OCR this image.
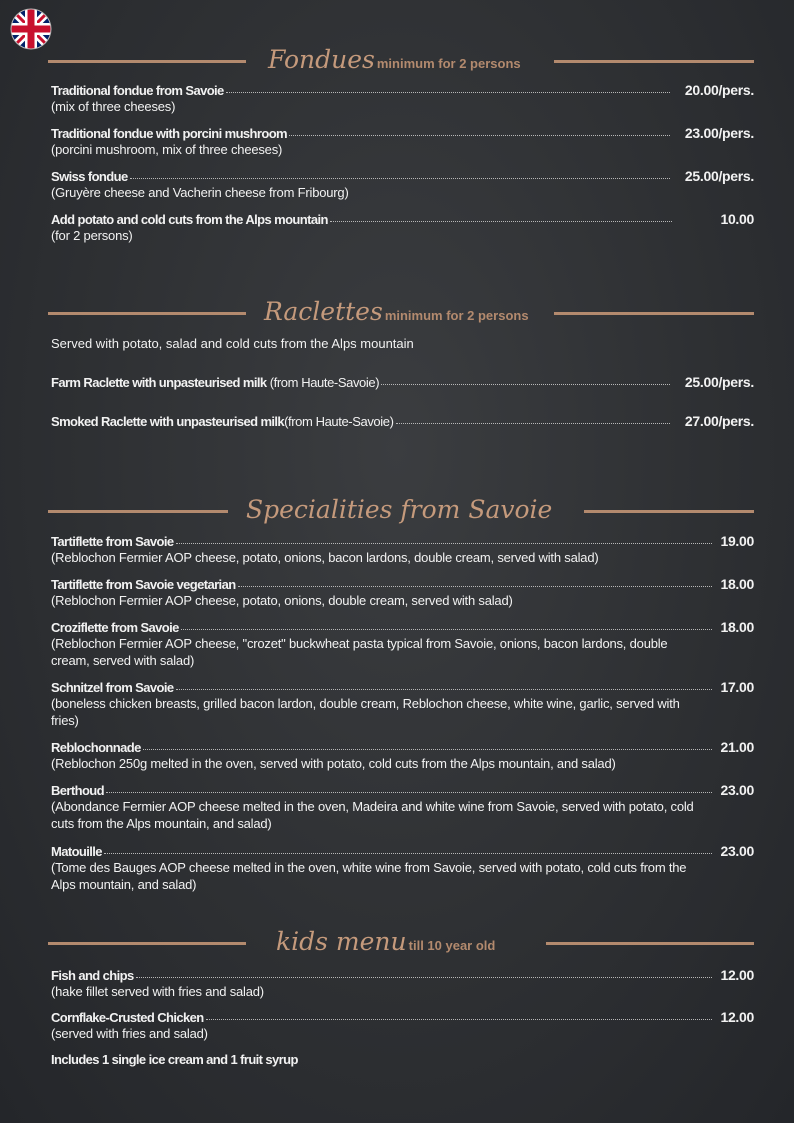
Fondues minimum for 2 persons
Traditional fondue from Savoie	20.00/pers.
(mix of three cheeses)
Traditional fondue with porcini mushroom	23.00/pers.
(porcini mushroom, mix of three cheeses)
Swiss fondue	25.00/pers.
(Gruyère cheese and Vacherin cheese from Fribourg)
Add potato and cold cuts from the Alps mountain	10.00
(for 2 persons)
Raclettes minimum for 2 persons
Served with potato, salad and cold cuts from the Alps mountain
Farm Raclette with unpasteurised milk (from Haute-Savoie)	25.00/pers.
Smoked Raclette with unpasteurised milk(from Haute-Savoie)	27.00/pers.
Specialities from Savoie
Tartiflette from Savoie	19.00
(Reblochon Fermier AOP cheese, potato, onions, bacon lardons, double cream, served with salad)
Tartiflette from Savoie vegetarian	18.00
(Reblochon Fermier AOP cheese, potato, onions, double cream, served with salad)
Croziflette from Savoie	18.00
(Reblochon Fermier AOP cheese, "crozet" buckwheat pasta typical from Savoie, onions, bacon lardons, double cream, served with salad)
Schnitzel from Savoie	17.00
(boneless chicken breasts, grilled bacon lardon, double cream, Reblochon cheese, white wine, garlic, served with fries)
Reblochonnade	21.00
(Reblochon 250g melted in the oven, served with potato, cold cuts from the Alps mountain, and salad)
Berthoud	23.00
(Abondance Fermier AOP cheese melted in the oven, Madeira and white wine from Savoie, served with potato, cold cuts from the Alps mountain, and salad)
Matouille	23.00
(Tome des Bauges AOP cheese melted in the oven, white wine from Savoie, served with potato, cold cuts from the Alps mountain, and salad)
kids menu till 10 year old
Fish and chips	12.00
(hake fillet served with fries and salad)
Cornflake-Crusted Chicken	12.00
(served with fries and salad)
Includes 1 single ice cream and 1 fruit syrup
